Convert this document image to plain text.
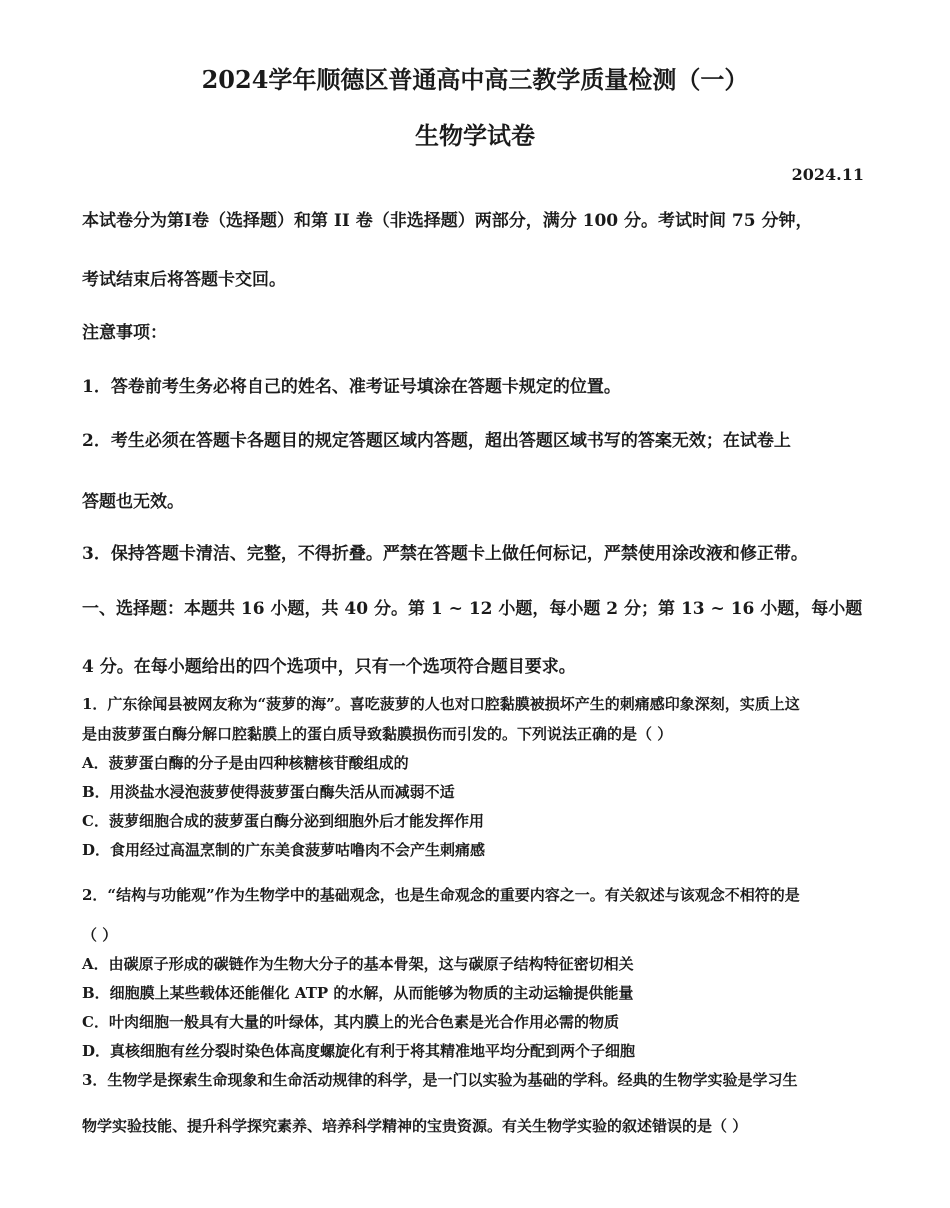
2024学年顺德区普通高中高三教学质量检测（一）
生物学试卷
2024.11
本试卷分为第Ⅰ卷（选择题）和第 II 卷（非选择题）两部分，满分 100 分。考试时间 75 分钟，
考试结束后将答题卡交回。
注意事项：
1．答卷前考生务必将自己的姓名、准考证号填涂在答题卡规定的位置。
2．考生必须在答题卡各题目的规定答题区域内答题，超出答题区域书写的答案无效；在试卷上
答题也无效。
3．保持答题卡清洁、完整，不得折叠。严禁在答题卡上做任何标记，严禁使用涂改液和修正带。
一、选择题：本题共 16 小题，共 40 分。第 1 ~ 12 小题，每小题 2 分；第 13 ~ 16 小题，每小题
4 分。在每小题给出的四个选项中，只有一个选项符合题目要求。
1．广东徐闻县被网友称为“菠萝的海”。喜吃菠萝的人也对口腔黏膜被损坏产生的刺痛感印象深刻，实质上这
是由菠萝蛋白酶分解口腔黏膜上的蛋白质导致黏膜损伤而引发的。下列说法正确的是（ ）
A．菠萝蛋白酶的分子是由四种核糖核苷酸组成的
B．用淡盐水浸泡菠萝使得菠萝蛋白酶失活从而减弱不适
C．菠萝细胞合成的菠萝蛋白酶分泌到细胞外后才能发挥作用
D．食用经过高温烹制的广东美食菠萝咕噜肉不会产生刺痛感
2．“结构与功能观”作为生物学中的基础观念，也是生命观念的重要内容之一。有关叙述与该观念不相符的是
（ ）
A．由碳原子形成的碳链作为生物大分子的基本骨架，这与碳原子结构特征密切相关
B．细胞膜上某些载体还能催化 ATP 的水解，从而能够为物质的主动运输提供能量
C．叶肉细胞一般具有大量的叶绿体，其内膜上的光合色素是光合作用必需的物质
D．真核细胞有丝分裂时染色体高度螺旋化有利于将其精准地平均分配到两个子细胞
3．生物学是探索生命现象和生命活动规律的科学，是一门以实验为基础的学科。经典的生物学实验是学习生
物学实验技能、提升科学探究素养、培养科学精神的宝贵资源。有关生物学实验的叙述错误的是（ ）
